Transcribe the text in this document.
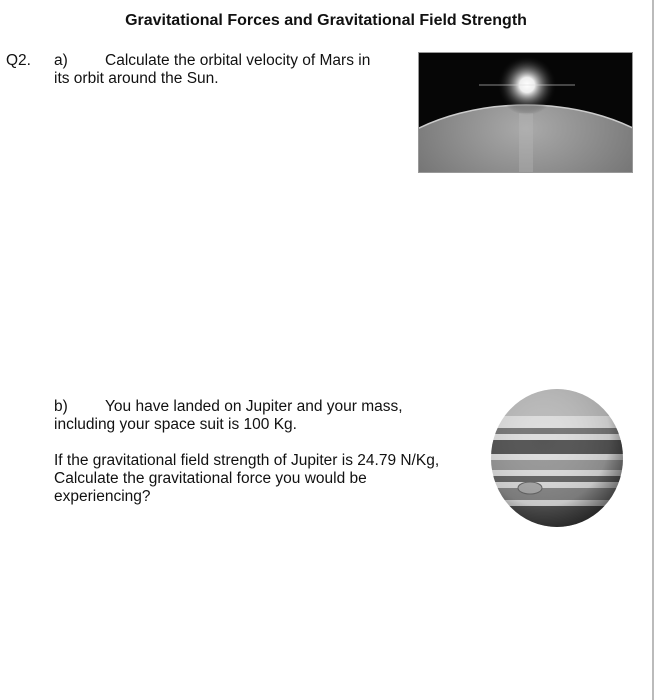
Gravitational Forces and Gravitational Field Strength
Q2. a) Calculate the orbital velocity of Mars in
its orbit around the Sun.
b) You have landed on Jupiter and your mass,
including your space suit is 100 Kg.
If the gravitational field strength of Jupiter is 24.79 N/Kg,
Calculate the gravitational force you would be
experiencing?
